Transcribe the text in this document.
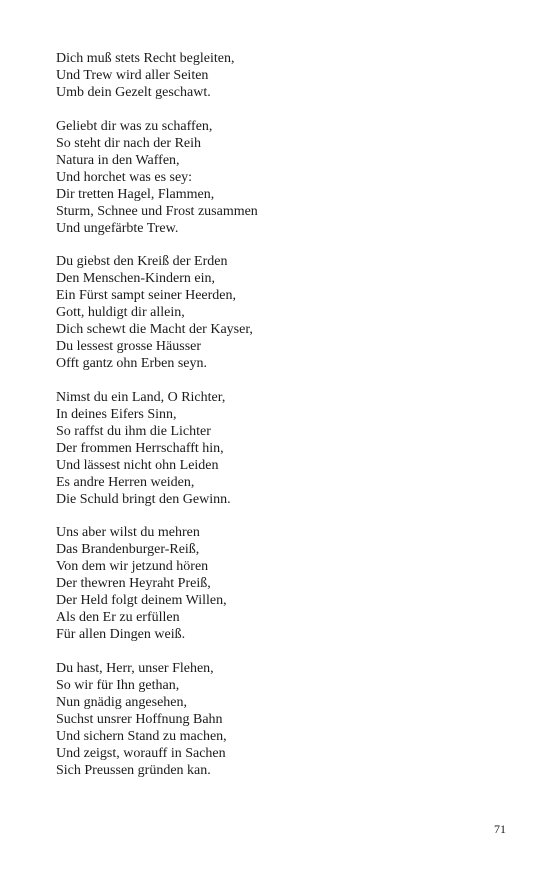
Dich muß stets Recht begleiten,
Und Trew wird aller Seiten
Umb dein Gezelt geschawt.
Geliebt dir was zu schaffen,
So steht dir nach der Reih
Natura in den Waffen,
Und horchet was es sey:
Dir tretten Hagel, Flammen,
Sturm, Schnee und Frost zusammen
Und ungefärbte Trew.
Du giebst den Kreiß der Erden
Den Menschen-Kindern ein,
Ein Fürst sampt seiner Heerden,
Gott, huldigt dir allein,
Dich schewt die Macht der Kayser,
Du lessest grosse Häusser
Offt gantz ohn Erben seyn.
Nimst du ein Land, O Richter,
In deines Eifers Sinn,
So raffst du ihm die Lichter
Der frommen Herrschafft hin,
Und lässest nicht ohn Leiden
Es andre Herren weiden,
Die Schuld bringt den Gewinn.
Uns aber wilst du mehren
Das Brandenburger-Reiß,
Von dem wir jetzund hören
Der thewren Heyraht Preiß,
Der Held folgt deinem Willen,
Als den Er zu erfüllen
Für allen Dingen weiß.
Du hast, Herr, unser Flehen,
So wir für Ihn gethan,
Nun gnädig angesehen,
Suchst unsrer Hoffnung Bahn
Und sichern Stand zu machen,
Und zeigst, worauff in Sachen
Sich Preussen gründen kan.
71
